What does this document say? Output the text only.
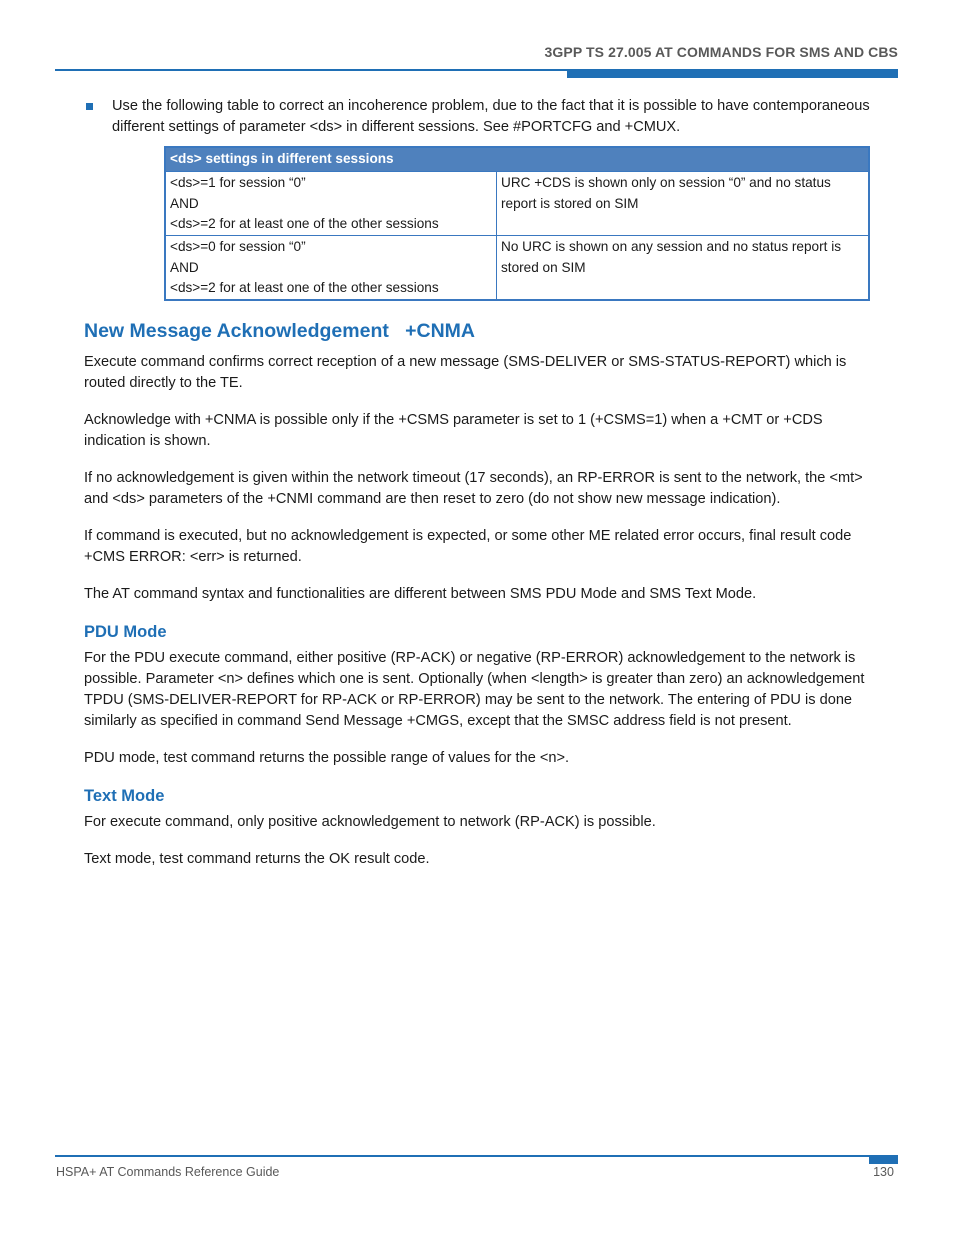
3GPP TS 27.005 AT COMMANDS FOR SMS AND CBS

Use the following table to correct an incoherence problem, due to the fact that it is possible to have contemporaneous different settings of parameter <ds> in different sessions. See #PORTCFG and +CMUX.

<ds> settings in different sessions	

<ds>=1 for session “0”
AND
<ds>=2 for at least one of the other sessions	URC +CDS is shown only on session “0” and no status report is stored on SIM

<ds>=0 for session “0”
AND
<ds>=2 for at least one of the other sessions	No URC is shown on any session and no status report is stored on SIM
New Message Acknowledgement   +CNMA

Execute command confirms correct reception of a new message (SMS-DELIVER or SMS-STATUS-REPORT) which is routed directly to the TE.

Acknowledge with +CNMA is possible only if the +CSMS parameter is set to 1 (+CSMS=1) when a +CMT or +CDS indication is shown.

If no acknowledgement is given within the network timeout (17 seconds), an RP-ERROR is sent to the network, the <mt> and <ds> parameters of the +CNMI command are then reset to zero (do not show new message indication).

If command is executed, but no acknowledgement is expected, or some other ME related error occurs, final result code +CMS ERROR: <err> is returned.

The AT command syntax and functionalities are different between SMS PDU Mode and SMS Text Mode.

PDU Mode

For the PDU execute command, either positive (RP-ACK) or negative (RP-ERROR) acknowledgement to the network is possible. Parameter <n> defines which one is sent. Optionally (when <length> is greater than zero) an acknowledgement TPDU (SMS-DELIVER-REPORT for RP-ACK or RP-ERROR) may be sent to the network. The entering of PDU is done similarly as specified in command Send Message +CMGS, except that the SMSC address field is not present.

PDU mode, test command returns the possible range of values for the <n>.

Text Mode

For execute command, only positive acknowledgement to network (RP-ACK) is possible.

Text mode, test command returns the OK result code.

HSPA+ AT Commands Reference Guide	130
